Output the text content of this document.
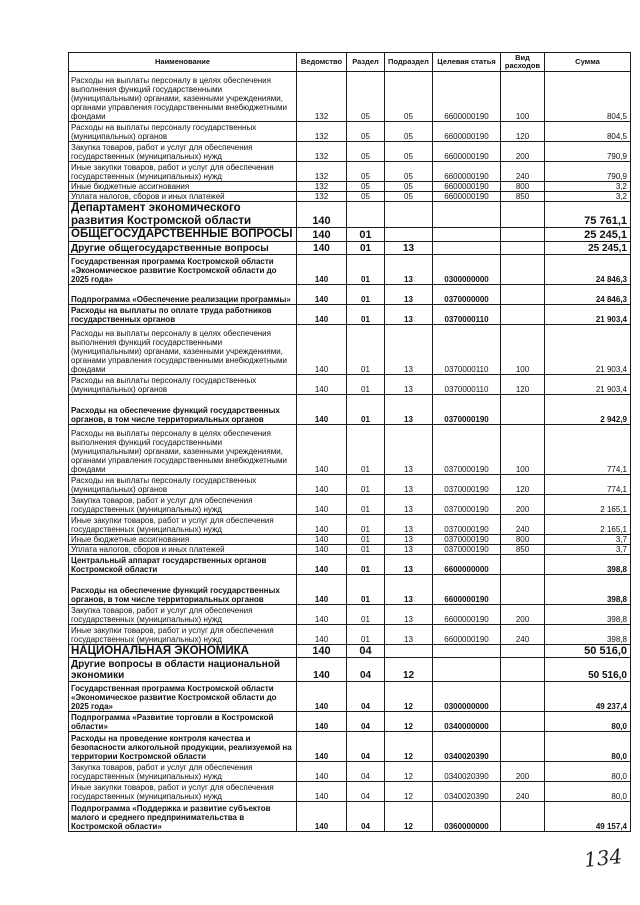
Наименование	Ведомство	Раздел	Подраздел	Целевая статья	Вид расходов	Сумма
Расходы на выплаты персоналу в целях обеспечения выполнения функций государственными (муниципальными) органами, казенными учреждениями, органами управления государственными внебюджетными фондами	132	05	05	6600000190	100	804,5
Расходы на выплаты персоналу государственных (муниципальных) органов	132	05	05	6600000190	120	804,5
Закупка товаров, работ и услуг для обеспечения государственных (муниципальных) нужд	132	05	05	6600000190	200	790,9
Иные закупки товаров, работ и услуг для обеспечения государственных (муниципальных) нужд	132	05	05	6600000190	240	790,9
Иные бюджетные ассигнования	132	05	05	6600000190	800	3,2
Уплата налогов, сборов и иных платежей	132	05	05	6600000190	850	3,2
Департамент экономического развития Костромской области	140					75 761,1
ОБЩЕГОСУДАРСТВЕННЫЕ ВОПРОСЫ	140	01				25 245,1
Другие общегосударственные вопросы	140	01	13			25 245,1
Государственная программа Костромской области «Экономическое развитие Костромской области до 2025 года»	140	01	13	0300000000		24 846,3
Подпрограмма «Обеспечение реализации программы»	140	01	13	0370000000		24 846,3
Расходы на выплаты по оплате труда работников государственных органов	140	01	13	0370000110		21 903,4
Расходы на выплаты персоналу в целях обеспечения выполнения функций государственными (муниципальными) органами, казенными учреждениями, органами управления государственными внебюджетными фондами	140	01	13	0370000110	100	21 903,4
Расходы на выплаты персоналу государственных (муниципальных) органов	140	01	13	0370000110	120	21 903,4
Расходы на обеспечение функций государственных органов, в том числе территориальных органов	140	01	13	0370000190		2 942,9
Расходы на выплаты персоналу в целях обеспечения выполнения функций государственными (муниципальными) органами, казенными учреждениями, органами управления государственными внебюджетными фондами	140	01	13	0370000190	100	774,1
Расходы на выплаты персоналу государственных (муниципальных) органов	140	01	13	0370000190	120	774,1
Закупка товаров, работ и услуг для обеспечения государственных (муниципальных) нужд	140	01	13	0370000190	200	2 165,1
Иные закупки товаров, работ и услуг для обеспечения государственных (муниципальных) нужд	140	01	13	0370000190	240	2 165,1
Иные бюджетные ассигнования	140	01	13	0370000190	800	3,7
Уплата налогов, сборов и иных платежей	140	01	13	0370000190	850	3,7
Центральный аппарат государственных органов Костромской области	140	01	13	6600000000		398,8
Расходы на обеспечение функций государственных органов, в том числе территориальных органов	140	01	13	6600000190		398,8
Закупка товаров, работ и услуг для обеспечения государственных (муниципальных) нужд	140	01	13	6600000190	200	398,8
Иные закупки товаров, работ и услуг для обеспечения государственных (муниципальных) нужд	140	01	13	6600000190	240	398,8
НАЦИОНАЛЬНАЯ ЭКОНОМИКА	140	04				50 516,0
Другие вопросы в области национальной экономики	140	04	12			50 516,0
Государственная программа Костромской области «Экономическое развитие Костромской области до 2025 года»	140	04	12	0300000000		49 237,4
Подпрограмма «Развитие торговли в Костромской области»	140	04	12	0340000000		80,0
Расходы на проведение контроля качества и безопасности алкогольной продукции, реализуемой на территории Костромской области	140	04	12	0340020390		80,0
Закупка товаров, работ и услуг для обеспечения государственных (муниципальных) нужд	140	04	12	0340020390	200	80,0
Иные закупки товаров, работ и услуг для обеспечения государственных (муниципальных) нужд	140	04	12	0340020390	240	80,0
Подпрограмма «Поддержка и развитие субъектов малого и среднего предпринимательства в Костромской области»	140	04	12	0360000000		49 157,4
134
